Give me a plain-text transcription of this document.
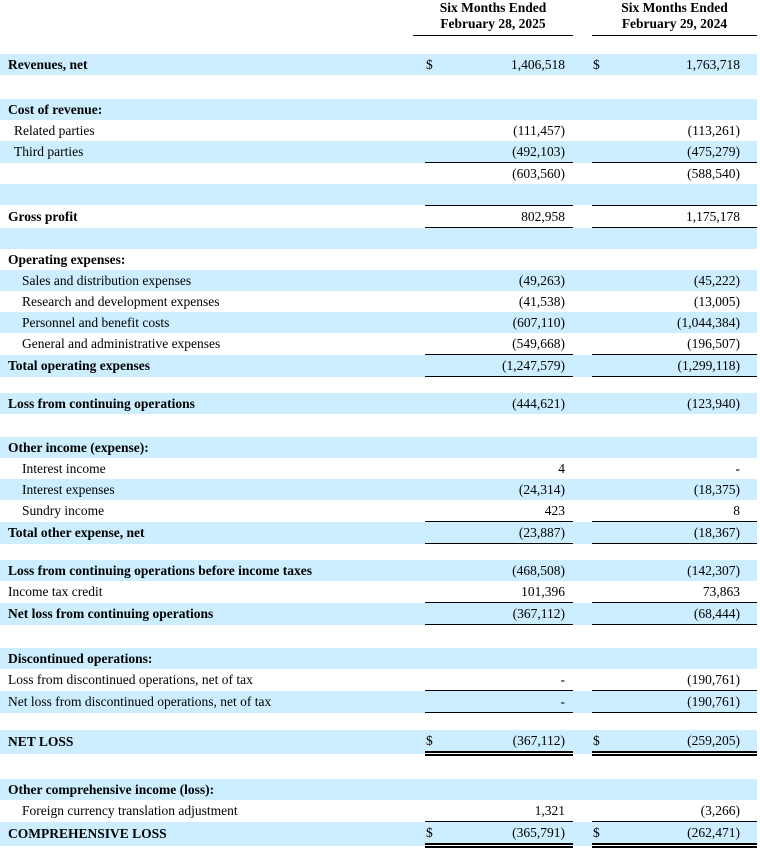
Six Months Ended
February 28, 2025

Six Months Ended
February 29, 2024

Revenues, net		$	1,406,518		$	1,763,718	

Cost of revenue:							
Related parties			(111,457)			(113,261)	
Third parties			(492,103)			(475,279)	
			(603,560)			(588,540)	

Gross profit			802,958			1,175,178	

Operating expenses:							
Sales and distribution expenses			(49,263)			(45,222)	
Research and development expenses			(41,538)			(13,005)	
Personnel and benefit costs			(607,110)			(1,044,384)	
General and administrative expenses			(549,668)			(196,507)	
Total operating expenses			(1,247,579)			(1,299,118)	

Loss from continuing operations			(444,621)			(123,940)	

Other income (expense):							
Interest income			4			-	
Interest expenses			(24,314)			(18,375)	
Sundry income			423			8	
Total other expense, net			(23,887)			(18,367)	

Loss from continuing operations before income taxes			(468,508)			(142,307)	
Income tax credit			101,396			73,863	
Net loss from continuing operations			(367,112)			(68,444)	

Discontinued operations:							
Loss from discontinued operations, net of tax			-			(190,761)	
Net loss from discontinued operations, net of tax			-			(190,761)	

NET LOSS		$	(367,112)		$	(259,205)	

Other comprehensive income (loss):							
Foreign currency translation adjustment			1,321			(3,266)	
COMPREHENSIVE LOSS		$	(365,791)		$	(262,471)	
